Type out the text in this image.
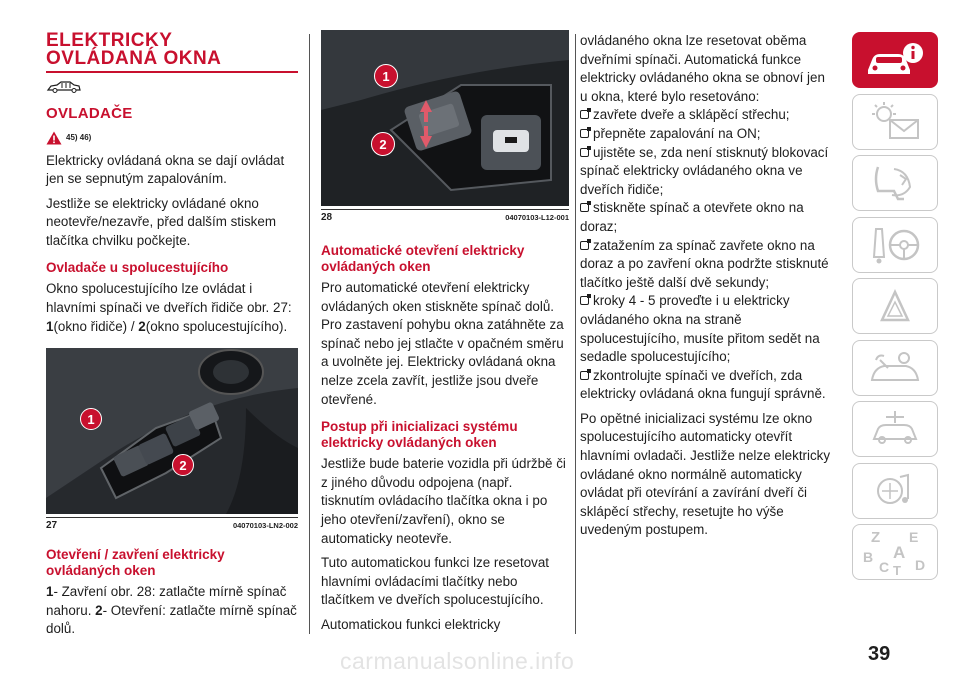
ELEKTRICKY
OVLÁDANÁ OKNA
OVLADAČE
45) 46)

Elektricky ovládaná okna se dají ovládat jen se sepnutým zapalováním.

Jestliže se elektricky ovládané okno neotevře/nezavře, před dalším stiskem tlačítka chvilku počkejte.

Ovladače u spolucestujícího

Okno spolucestujícího lze ovládat i hlavními spínači ve dveřích řidiče obr. 27: 1(okno řidiče) / 2(okno spolucestujícího).

1
2
27	04070103-LN2-002
Otevření / zavření elektricky ovládaných oken

1- Zavření obr. 28: zatlačte mírně spínač nahoru. 2- Otevření: zatlačte mírně spínač dolů.

1
2
28	04070103-L12-001
Automatické otevření elektricky ovládaných oken

Pro automatické otevření elektricky ovládaných oken stiskněte spínač dolů. Pro zastavení pohybu okna zatáhněte za spínač nebo jej stlačte v opačném směru a uvolněte jej. Elektricky ovládaná okna nelze zcela zavřít, jestliže jsou dveře otevřené.

Postup při inicializaci systému elektricky ovládaných oken

Jestliže bude baterie vozidla při údržbě či z jiného důvodu odpojena (např. tisknutím ovládacího tlačítka okna i po jeho otevření/zavření), okno se automaticky neotevře.

Tuto automatickou funkci lze resetovat hlavními ovládacími tlačítky nebo tlačítkem ve dveřích spolucestujícího.

Automatickou funkci elektricky

ovládaného okna lze resetovat oběma dveřními spínači. Automatická funkce elektricky ovládaného okna se obnoví jen u okna, které bylo resetováno:

zavřete dveře a sklápěcí střechu;

přepněte zapalování na ON;

ujistěte se, zda není stisknutý blokovací spínač elektricky ovládaného okna ve dveřích řidiče;

stiskněte spínač a otevřete okno na doraz;

zatažením za spínač zavřete okno na doraz a po zavření okna podržte stisknuté tlačítko ještě další dvě sekundy;

kroky 4 - 5 proveďte i u elektricky ovládaného okna na straně spolucestujícího, musíte přitom sedět na sedadle spolucestujícího;

zkontrolujte spínači ve dveřích, zda elektricky ovládaná okna fungují správně.

Po opětné inicializaci systému lze okno spolucestujícího automaticky otevřít hlavními ovladači. Jestliže nelze elektricky ovládané okno normálně automaticky ovládat při otevírání a zavírání dveří či sklápěcí střechy, resetujte ho výše uvedeným postupem.	Z E
A
B
C T D
39
carmanualsonline.info
